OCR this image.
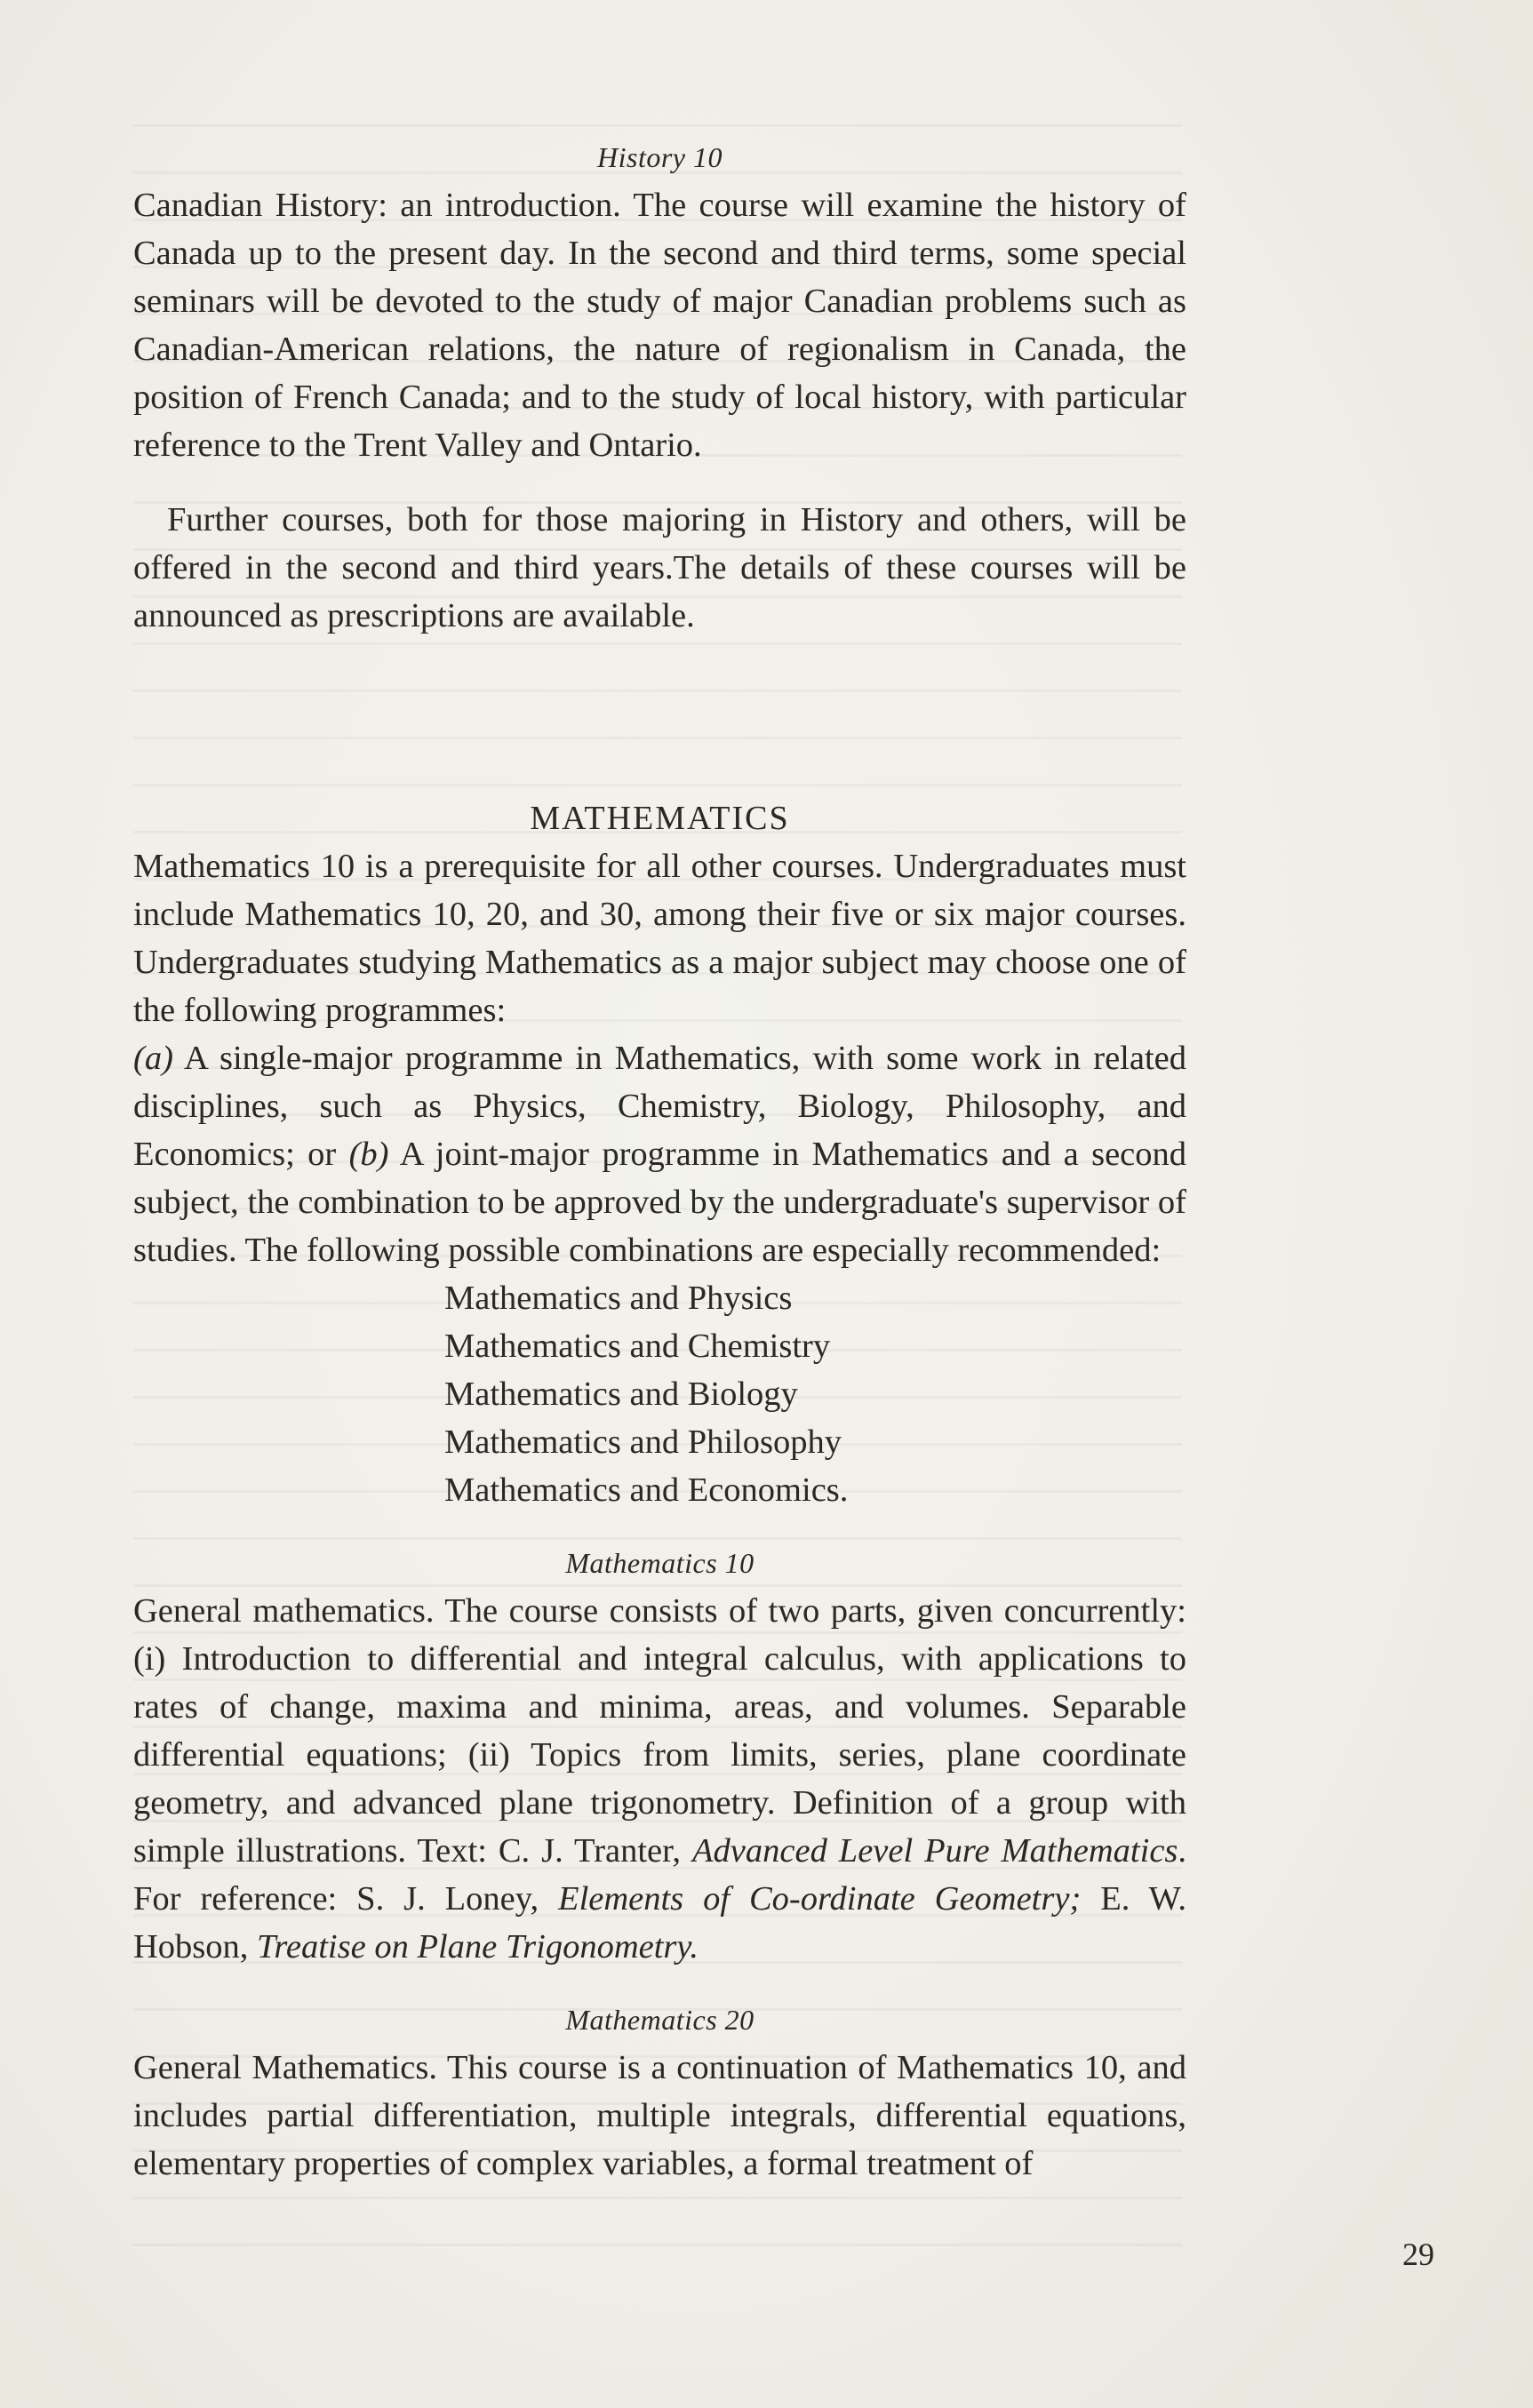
History 10

Canadian History: an introduction. The course will examine the history of Canada up to the present day. In the second and third terms, some special seminars will be devoted to the study of major Canadian problems such as Canadian-American relations, the nature of regionalism in Canada, the position of French Canada; and to the study of local history, with particular reference to the Trent Valley and Ontario.

Further courses, both for those majoring in History and others, will be offered in the second and third years.The details of these courses will be announced as prescriptions are available.

MATHEMATICS

Mathematics 10 is a prerequisite for all other courses. Undergraduates must include Mathematics 10, 20, and 30, among their five or six major courses. Undergraduates studying Mathematics as a major subject may choose one of the following programmes:

(a) A single-major programme in Mathematics, with some work in related disciplines, such as Physics, Chemistry, Biology, Philosophy, and Economics; or (b) A joint-major programme in Mathematics and a second subject, the combination to be approved by the undergraduate's supervisor of studies. The following possible combinations are especially recommended:

Mathematics and Physics
Mathematics and Chemistry
Mathematics and Biology
Mathematics and Philosophy
Mathematics and Economics.
Mathematics 10

General mathematics. The course consists of two parts, given concurrently: (i) Introduction to differential and integral calculus, with applications to rates of change, maxima and minima, areas, and volumes. Separable differential equations; (ii) Topics from limits, series, plane coordinate geometry, and advanced plane trigonometry. Definition of a group with simple illustrations. Text: C. J. Tranter, Advanced Level Pure Mathematics. For reference: S. J. Loney, Elements of Co-ordinate Geometry; E. W. Hobson, Treatise on Plane Trigonometry.

Mathematics 20

General Mathematics. This course is a continuation of Mathematics 10, and includes partial differentiation, multiple integrals, differential equations, elementary properties of complex variables, a formal treatment of

29
